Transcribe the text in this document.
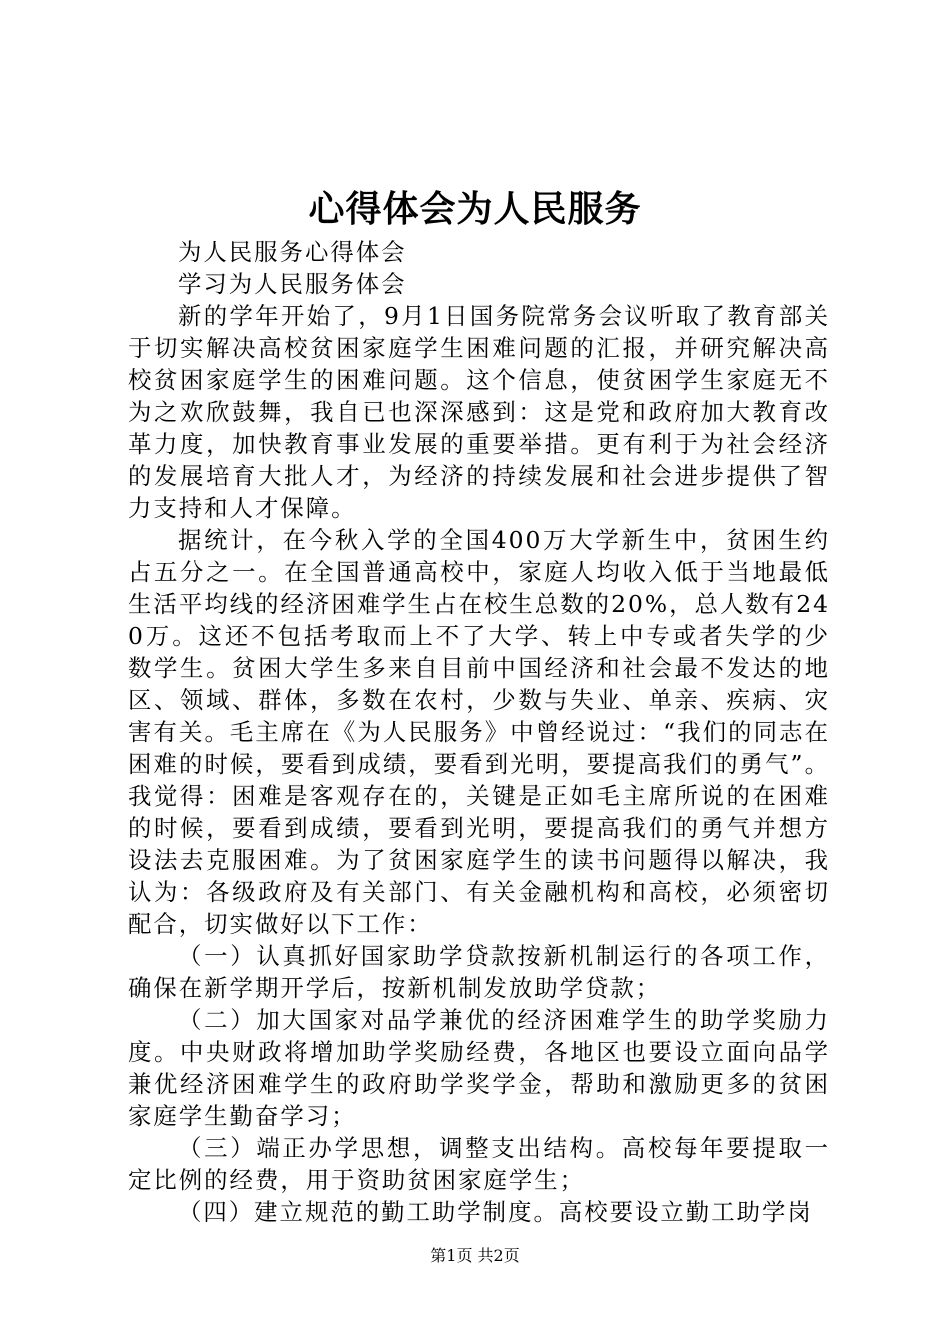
心得体会为人民服务

为人民服务心得体会

学习为人民服务体会

新的学年开始了，9月1日国务院常务会议听取了教育部关于切实解决高校贫困家庭学生困难问题的汇报，并研究解决高校贫困家庭学生的困难问题。这个信息，使贫困学生家庭无不为之欢欣鼓舞，我自已也深深感到：这是党和政府加大教育改革力度，加快教育事业发展的重要举措。更有利于为社会经济的发展培育大批人才，为经济的持续发展和社会进步提供了智力支持和人才保障。

据统计，在今秋入学的全国400万大学新生中，贫困生约占五分之一。在全国普通高校中，家庭人均收入低于当地最低生活平均线的经济困难学生占在校生总数的20%，总人数有240万。这还不包括考取而上不了大学、转上中专或者失学的少数学生。贫困大学生多来自目前中国经济和社会最不发达的地区、领域、群体，多数在农村，少数与失业、单亲、疾病、灾害有关。毛主席在《为人民服务》中曾经说过：“我们的同志在困难的时候，要看到成绩，要看到光明，要提高我们的勇气”。我觉得：困难是客观存在的，关键是正如毛主席所说的在困难的时候，要看到成绩，要看到光明，要提高我们的勇气并想方设法去克服困难。为了贫困家庭学生的读书问题得以解决，我认为：各级政府及有关部门、有关金融机构和高校，必须密切配合，切实做好以下工作：

（一）认真抓好国家助学贷款按新机制运行的各项工作，确保在新学期开学后，按新机制发放助学贷款；

（二）加大国家对品学兼优的经济困难学生的助学奖励力度。中央财政将增加助学奖励经费，各地区也要设立面向品学兼优经济困难学生的政府助学奖学金，帮助和激励更多的贫困家庭学生勤奋学习；

（三）端正办学思想，调整支出结构。高校每年要提取一定比例的经费，用于资助贫困家庭学生；

（四）建立规范的勤工助学制度。高校要设立勤工助学岗

第1页 共2页
